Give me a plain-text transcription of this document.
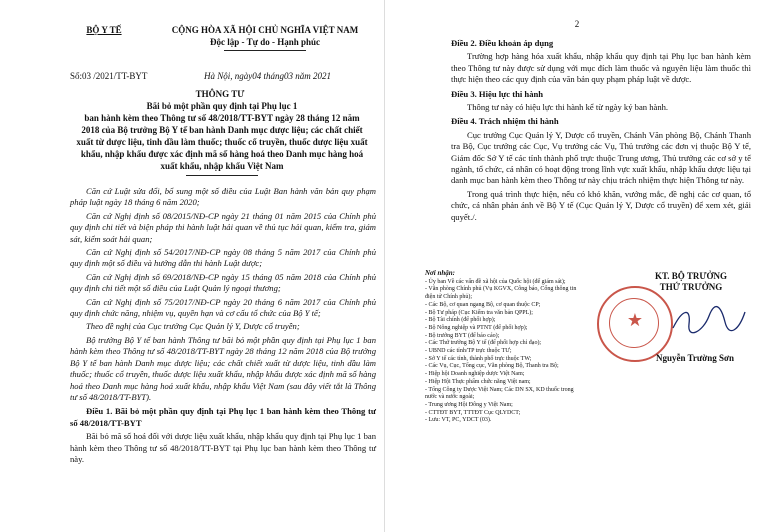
BỘ Y TẾ	CỘNG HÒA XÃ HỘI CHỦ NGHĨA VIỆT NAM
Độc lập - Tự do - Hạnh phúc
Số:03 /2021/TT-BYT	Hà Nội, ngày04 tháng03 năm 2021
THÔNG TƯ
Bãi bỏ một phần quy định tại Phụ lục 1
ban hành kèm theo Thông tư số 48/2018/TT-BYT ngày 28 tháng 12 năm
2018 của Bộ trưởng Bộ Y tế ban hành Danh mục dược liệu; các chất chiết
xuất từ dược liệu, tinh dầu làm thuốc; thuốc cổ truyền, thuốc dược liệu xuất
khẩu, nhập khẩu được xác định mã số hàng hoá theo Danh mục hàng hoá
xuất khẩu, nhập khẩu Việt Nam

Căn cứ Luật sửa đổi, bổ sung một số điều của Luật Ban hành văn bản quy phạm pháp luật ngày 18 tháng 6 năm 2020;

Căn cứ Nghị định số 08/2015/NĐ-CP ngày 21 tháng 01 năm 2015 của Chính phủ quy định chi tiết và biện pháp thi hành luật hải quan về thủ tục hải quan, kiểm tra, giám sát, kiểm soát hải quan;

Căn cứ Nghị định số 54/2017/NĐ-CP ngày 08 tháng 5 năm 2017 của Chính phủ quy định một số điều và hướng dẫn thi hành Luật dược;

Căn cứ Nghị định số 69/2018/NĐ-CP ngày 15 tháng 05 năm 2018 của Chính phủ quy định chi tiết một số điều của Luật Quản lý ngoại thương;

Căn cứ Nghị định số 75/2017/NĐ-CP ngày 20 tháng 6 năm 2017 của Chính phủ quy định chức năng, nhiệm vụ, quyền hạn và cơ cấu tổ chức của Bộ Y tế;

Theo đề nghị của Cục trưởng Cục Quản lý Y, Dược cổ truyền;

Bộ trưởng Bộ Y tế ban hành Thông tư bãi bỏ một phần quy định tại Phụ lục 1 ban hành kèm theo Thông tư số 48/2018/TT-BYT ngày 28 tháng 12 năm 2018 của Bộ trưởng Bộ Y tế ban hành Danh mục dược liệu; các chất chiết xuất từ dược liệu, tinh dầu làm thuốc; thuốc cổ truyền, thuốc dược liệu xuất khẩu, nhập khẩu được xác định mã số hàng hoá theo Danh mục hàng hoá xuất khẩu, nhập khẩu Việt Nam (sau đây viết tắt là Thông tư số 48/2018/TT-BYT).

Điều 1. Bãi bỏ một phần quy định tại Phụ lục 1 ban hành kèm theo Thông tư số 48/2018/TT-BYT

Bãi bỏ mã số hoá đối với dược liệu xuất khẩu, nhập khẩu quy định tại Phụ lục 1 ban hành kèm theo Thông tư số 48/2018/TT-BYT tại Phụ lục ban hành kèm theo Thông tư này.

2

Điều 2. Điều khoản áp dụng

Trường hợp hàng hóa xuất khẩu, nhập khẩu quy định tại Phụ lục ban hành kèm theo Thông tư này được sử dụng với mục đích làm thuốc và nguyên liệu làm thuốc thì thực hiện theo các quy định của văn bản quy phạm pháp luật về dược.

Điều 3. Hiệu lực thi hành

Thông tư này có hiệu lực thi hành kể từ ngày ký ban hành.

Điều 4. Trách nhiệm thi hành

Cục trưởng Cục Quản lý Y, Dược cổ truyền, Chánh Văn phòng Bộ, Chánh Thanh tra Bộ, Cục trưởng các Cục, Vụ trưởng các Vụ, Thủ trưởng các đơn vị thuộc Bộ Y tế, Giám đốc Sở Y tế các tỉnh thành phố trực thuộc Trung ương, Thủ trưởng các cơ sở y tế ngành, tổ chức, cá nhân có hoạt động trong lĩnh vực xuất khẩu, nhập khẩu dược liệu tại danh mục ban hành kèm theo Thông tư này chịu trách nhiệm thực hiện Thông tư này.

Trong quá trình thực hiện, nếu có khó khăn, vướng mắc, đề nghị các cơ quan, tổ chức, cá nhân phản ánh về Bộ Y tế (Cục Quản lý Y, Dược cổ truyền) để xem xét, giải quyết./.

Nơi nhận:
- Ủy ban Về các vấn đề xã hội của Quốc hội (để giám sát);
- Văn phòng Chính phủ (Vụ KGVX, Công báo, Cổng thông tin điện tử Chính phủ);
- Các Bộ, cơ quan ngang Bộ, cơ quan thuộc CP;
- Bộ Tư pháp (Cục Kiểm tra văn bản QPPL);
- Bộ Tài chính (để phối hợp);
- Bộ Nông nghiệp và PTNT (để phối hợp);
- Bộ trưởng BYT (để báo cáo);
- Các Thứ trưởng Bộ Y tế (để phối hợp chỉ đạo);
- UBND các tỉnh/TP trực thuộc TƯ;
- Sở Y tế các tỉnh, thành phố trực thuộc TW;
- Các Vụ, Cục, Tổng cục, Văn phòng Bộ, Thanh tra Bộ;
- Hiệp hội Doanh nghiệp dược Việt Nam;
- Hiệp Hội Thực phẩm chức năng Việt nam;
- Tổng Công ty Dược Việt Nam; Các DN SX, KD thuốc trong nước và nước ngoài;
- Trung ương Hội Đông y Việt Nam;
- CTTĐT BYT, TTTĐT Cục QLYDCT;
- Lưu: VT, PC, YDCT (03).
KT. BỘ TRƯỞNG
THỨ TRƯỞNG
★
Nguyễn Trường Sơn
